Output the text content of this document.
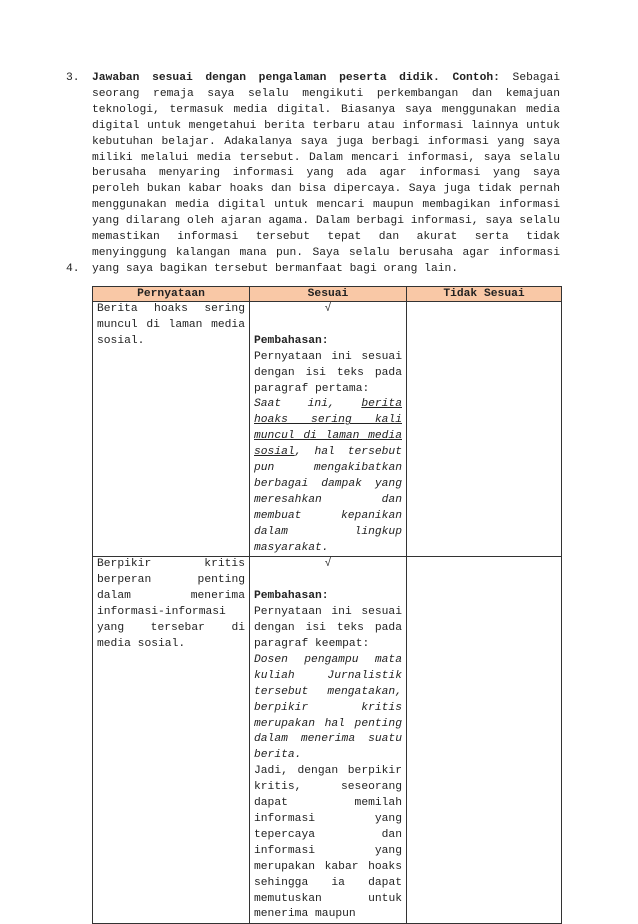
3. Jawaban sesuai dengan pengalaman peserta didik. Contoh: Sebagai seorang remaja saya selalu mengikuti perkembangan dan kemajuan teknologi, termasuk media digital. Biasanya saya menggunakan media digital untuk mengetahui berita terbaru atau informasi lainnya untuk kebutuhan belajar. Adakalanya saya juga berbagi informasi yang saya miliki melalui media tersebut. Dalam mencari informasi, saya selalu berusaha menyaring informasi yang ada agar informasi yang saya peroleh bukan kabar hoaks dan bisa dipercaya. Saya juga tidak pernah menggunakan media digital untuk mencari maupun membagikan informasi yang dilarang oleh ajaran agama. Dalam berbagi informasi, saya selalu memastikan informasi tersebut tepat dan akurat serta tidak menyinggung kalangan mana pun. Saya selalu berusaha agar informasi yang saya bagikan tersebut bermanfaat bagi orang lain.
4.
Pernyataan	Sesuai	Tidak Sesuai

Berita hoaks sering muncul di laman media sosial.	√
Pembahasan:
Pernyataan ini sesuai dengan isi teks pada paragraf pertama:
Saat ini, berita hoaks sering kali muncul di laman media sosial, hal tersebut pun mengakibatkan berbagai dampak yang meresahkan dan membuat kepanikan dalam lingkup masyarakat.	

Berpikir kritis berperan penting dalam menerima informasi-informasi yang tersebar di media sosial.	√
Pembahasan:
Pernyataan ini sesuai dengan isi teks pada paragraf keempat:
Dosen pengampu mata kuliah Jurnalistik tersebut mengatakan, berpikir kritis merupakan hal penting dalam menerima suatu berita.
Jadi, dengan berpikir kritis, seseorang dapat memilah informasi yang tepercaya dan informasi yang merupakan kabar hoaks sehingga ia dapat memutuskan untuk menerima maupun	
